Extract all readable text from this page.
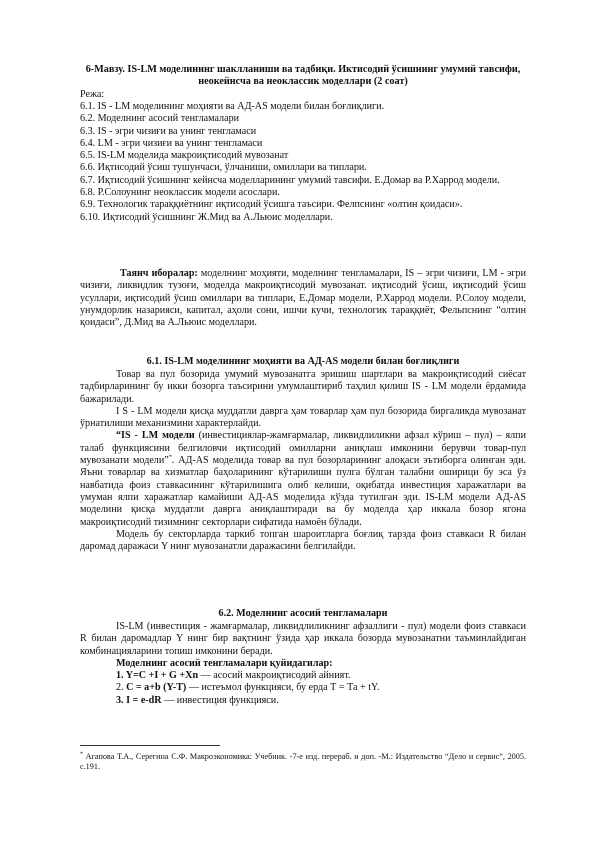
6-Мавзу. IS-LM моделининг шаклланиши ва тадбиқи. Иктисодий ўсишнинг умумий тавсифи, неокейнсча ва неоклассик моделлари (2 соат)
Режа:
6.1. IS - LM моделининг моҳияти ва АД-AS модели билан боғлиқлиги.
6.2. Моделнинг асосий тенгламалари
6.3. IS - эгри чизиғи ва унинг тенгламаси
6.4. LM - эгри чизиғи ва унинг тенгламаси
6.5. IS-LM моделида макроиқтисодий мувозанат
6.6. Иқтисодий ўсиш тушунчаси, ўлчаниши, омиллари ва типлари.
6.7. Иқтисодий ўсишнинг кейнсча моделларининг умумий тавсифи. Е.Домар ва Р.Харрод модели.
6.8. Р.Солоунинг неоклассик модели асослари.
6.9. Технологик тараққиётнинг иқтисодий ўсишга таъсири. Фелпснинг «олтин қоидаси».
6.10. Иқтисодий ўсишнинг Ж.Мид ва А.Льюис моделлари.
Таянч иборалар: моделнинг моҳияти, моделнинг тенгламалари, IS – эгри чизиғи, LM - эгри чизиғи, ликвидлик тузоғи, моделда макроиқтисодий мувозанат. иқтисодий ўсиш, иқтисодий ўсиш усуллари, иқтисодий ўсиш омиллари ва типлари, Е.Домар модели, Р.Харрод модели. Р.Солоу модели, унумдорлик назарияси, капитал, аҳоли сони, ишчи кучи, технологик тараққиёт, Фельпснинг “олтин қоидаси”, Д.Мид ва А.Льюис моделлари.
6.1. IS-LM моделининг моҳияти ва АД-AS модели билан боғлиқлиги

Товар ва пул бозорида умумий мувозанатга эришиш шартлари ва макроиқтисодий сиёсат тадбирларининг бу икки бозорга таъсирини умумлаштириб таҳлил қилиш IS - LM модели ёрдамида бажарилади.

I S - LM модели қисқа муддатли даврга ҳам товарлар ҳам пул бозорида биргаликда мувозанат ўрнатилиши механизмини характерлайди.

“IS - LM модели (инвестициялар-жамғармалар, ликвидлиликни афзал кўриш – пул) – ялпи талаб функциясини белгиловчи иқтисодий омилларни аниқлаш имконини берувчи товар-пул мувозанати модели”*. АД-AS моделида товар ва пул бозорларининг алоқаси эътиборга олинган эди. Яъни товарлар ва хизматлар баҳоларининг кўтарилиши пулга бўлган талабни оширици бу эса ўз навбатида фоиз ставкасининг кўтарилишига олиб келиши, оқибатда инвестиция харажатлари ва умуман ялпи харажатлар камайиши АД-AS моделида кўзда тутилган эди. IS-LM модели АД-AS моделини қисқа муддатли даврга аниқлаштиради ва бу моделда ҳар иккала бозор ягона макроиқтисодий тизимнинг секторлари сифатида намоён бўлади.

Модель бу секторларда таркиб топган шароитларга боғлиқ тарзда фоиз ставкаси R билан даромад даражаси Y нинг мувозанатли даражасини белгилайди.

6.2. Моделнинг асосий тенгламалари

IS-LM (инвестиция - жамғармалар, ликвидлиликнинг афзаллиги - пул) модели фоиз ставкаси R билан даромадлар Y нинг бир вақтнинг ўзида ҳар иккала бозорда мувозанатни таъминлайдиган комбинацияларини топиш имконини беради.

Моделнинг асосий тенгламалари қуйидагилар:

1. Y=C +I + G +Xn — асосий макроиқтисодий айният.

2. С = а+b (Y-T) — истеъмол функцияси, бу ерда Т = Та + tY.

3. I = e-dR — инвестиция функцияси.

* Агапова Т.А., Серегина С.Ф. Макроэкономика: Учебник. -7-е изд. перераб. и доп. -М.: Издательство “Дело и сервис”, 2005. с.191.
